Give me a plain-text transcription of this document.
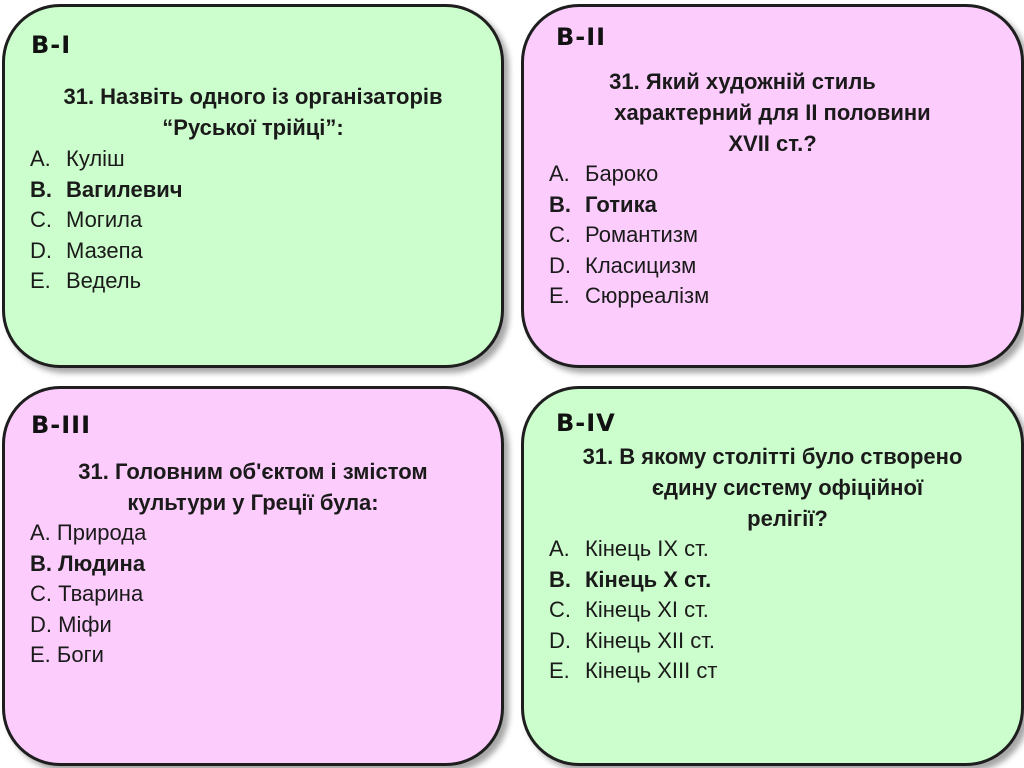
В-І
31. Назвіть одного із організаторів
“Руської трійці”:
А. Куліш
В. Вагилевич
С. Могила
D. Мазепа
E. Ведель
В-ІІ
31. Який художній стиль
характерний для ІІ половини
XVII ст.?
А. Бароко
В. Готика
С. Романтизм
D. Класицизм
E. Сюрреалізм
В-ІІІ
31. Головним об'єктом і змістом
культури у Греції була:
А. Природа
В. Людина
С. Тварина
D. Міфи
E. Боги
В-IV
31. В якому столітті було створено
єдину систему офіційної
релігії?
А. Кінець IX ст.
В. Кінець X ст.
С. Кінець XI ст.
D. Кінець XII ст.
E. Кінець XIII ст
